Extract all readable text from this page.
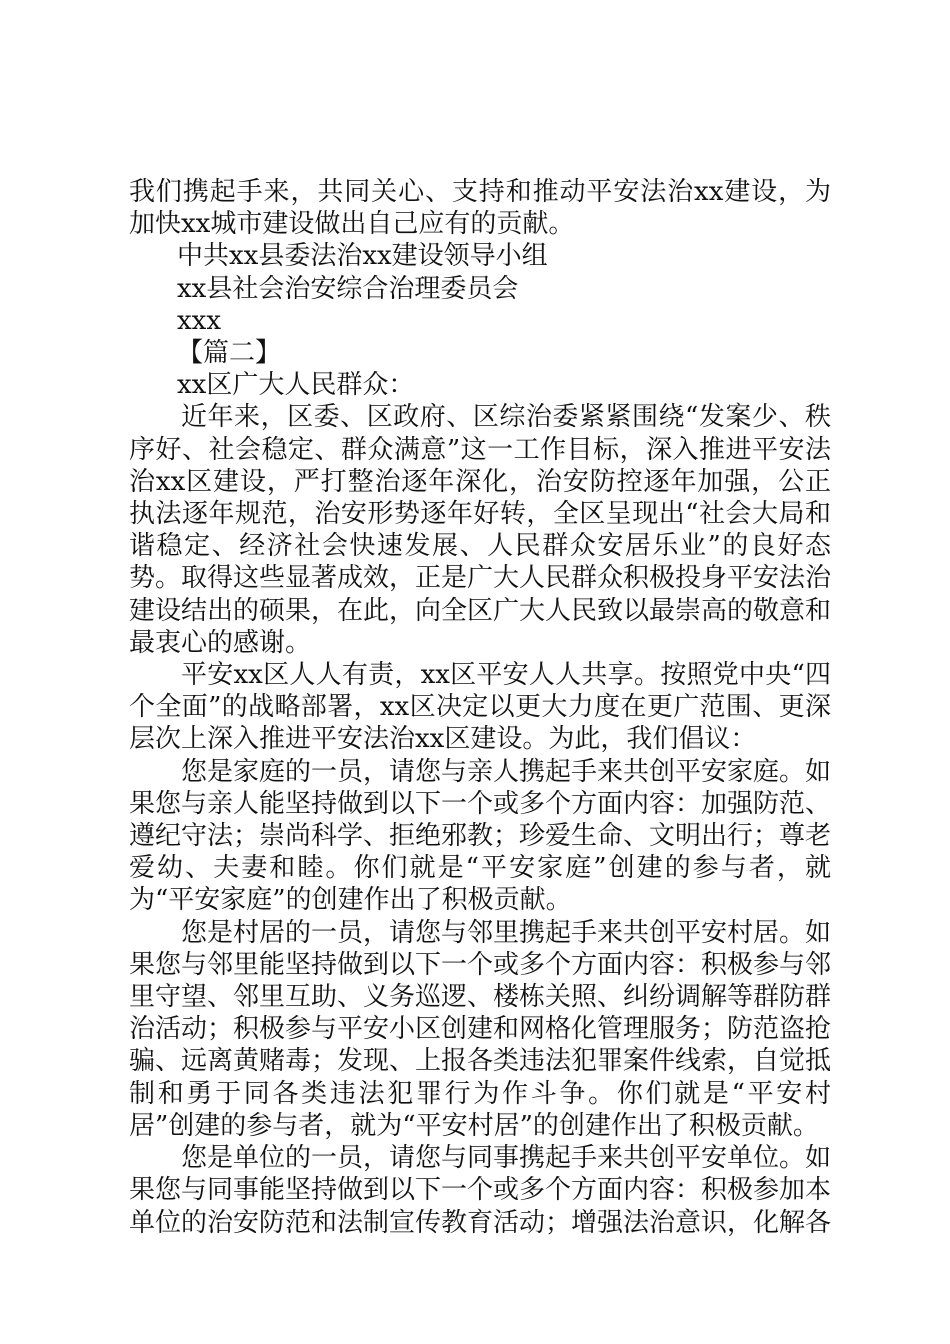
我们携起手来，共同关心、支持和推动平安法治xx建设，为加快xx城市建设做出自己应有的贡献。

中共xx县委法治xx建设领导小组

xx县社会治安综合治理委员会

xxx

【篇二】

xx区广大人民群众：

近年来，区委、区政府、区综治委紧紧围绕“发案少、秩序好、社会稳定、群众满意”这一工作目标，深入推进平安法治xx区建设，严打整治逐年深化，治安防控逐年加强，公正执法逐年规范，治安形势逐年好转，全区呈现出“社会大局和谐稳定、经济社会快速发展、人民群众安居乐业”的良好态势。取得这些显著成效，正是广大人民群众积极投身平安法治建设结出的硕果，在此，向全区广大人民致以最崇高的敬意和最衷心的感谢。

平安xx区人人有责，xx区平安人人共享。按照党中央“四个全面”的战略部署，xx区决定以更大力度在更广范围、更深层次上深入推进平安法治xx区建设。为此，我们倡议：

您是家庭的一员，请您与亲人携起手来共创平安家庭。如果您与亲人能坚持做到以下一个或多个方面内容：加强防范、遵纪守法；崇尚科学、拒绝邪教；珍爱生命、文明出行；尊老爱幼、夫妻和睦。你们就是“平安家庭”创建的参与者，就为“平安家庭”的创建作出了积极贡献。

您是村居的一员，请您与邻里携起手来共创平安村居。如果您与邻里能坚持做到以下一个或多个方面内容：积极参与邻里守望、邻里互助、义务巡逻、楼栋关照、纠纷调解等群防群治活动；积极参与平安小区创建和网格化管理服务；防范盗抢骗、远离黄赌毒；发现、上报各类违法犯罪案件线索，自觉抵制和勇于同各类违法犯罪行为作斗争。你们就是“平安村居”创建的参与者，就为“平安村居”的创建作出了积极贡献。

您是单位的一员，请您与同事携起手来共创平安单位。如果您与同事能坚持做到以下一个或多个方面内容：积极参加本单位的治安防范和法制宣传教育活动；增强法治意识，化解各
